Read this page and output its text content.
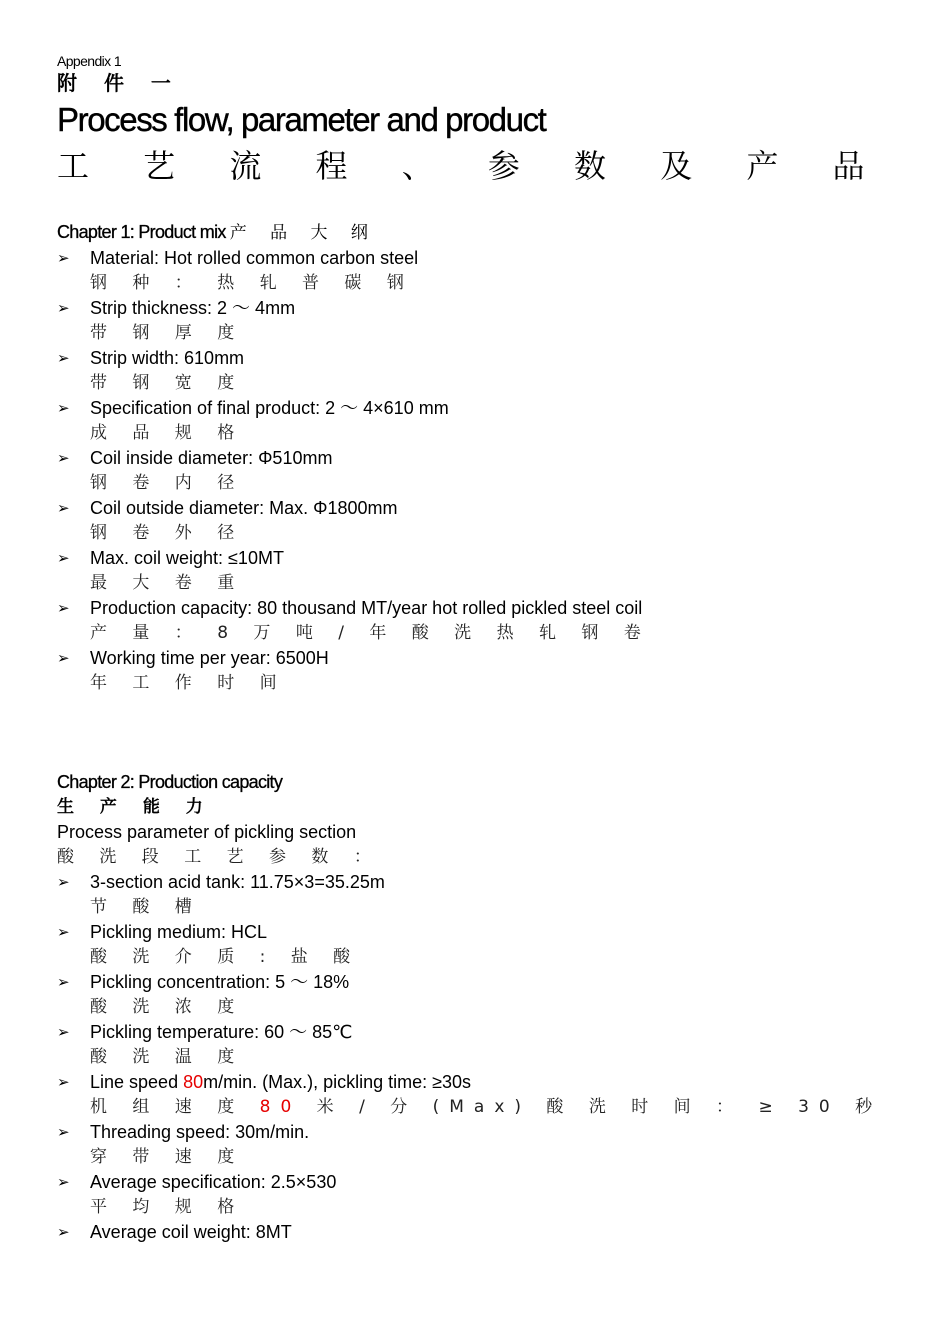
Appendix 1
附 件 一
Process flow, parameter and product
工 艺 流 程 、 参 数 及 产 品
Chapter 1: Product mix 产 品 大 纲
➢ Material: Hot rolled common carbon steel
钢 种 ： 热 轧 普 碳 钢
➢ Strip thickness: 2 ～ 4mm
带 钢 厚 度
➢ Strip width: 610mm
带 钢 宽 度
➢ Specification of final product: 2 ～ 4×610 mm
成 品 规 格
➢ Coil inside diameter: Φ510mm
钢 卷 内 径
➢ Coil outside diameter: Max. Φ1800mm
钢 卷 外 径
➢ Max. coil weight: ≤10MT
最 大 卷 重
➢ Production capacity: 80 thousand MT/year hot rolled pickled steel coil
产 量 ： 8 万 吨 / 年 酸 洗 热 轧 钢 卷
➢ Working time per year: 6500H
年 工 作 时 间
Chapter 2: Production capacity
生 产 能 力
Process parameter of pickling section
酸 洗 段 工 艺 参 数 ：
➢ 3-section acid tank: 11.75×3=35.25m
节 酸 槽
➢ Pickling medium: HCL
酸 洗 介 质 : 盐 酸
➢ Pickling concentration: 5 ～ 18%
酸 洗 浓 度
➢ Pickling temperature: 60 ～ 85℃
酸 洗 温 度
➢ Line speed 80m/min. (Max.), pickling time: ≥30s
机 组 速 度 80 米 / 分 (Max) 酸 洗 时 间 ： ≥ 30 秒
➢ Threading speed: 30m/min.
穿 带 速 度
➢ Average specification: 2.5×530
平 均 规 格
➢ Average coil weight: 8MT
